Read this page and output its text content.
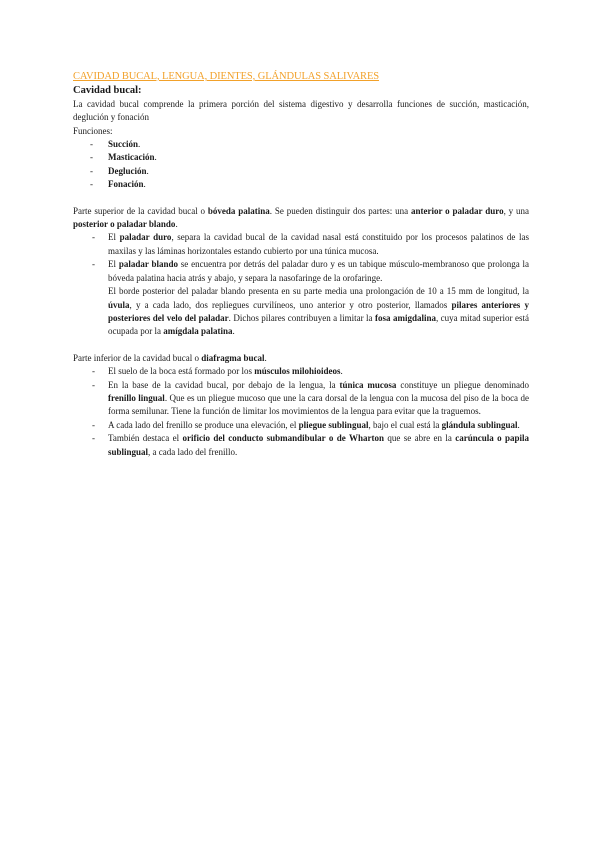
CAVIDAD BUCAL, LENGUA, DIENTES, GLÁNDULAS SALIVARES
Cavidad bucal:

La cavidad bucal comprende la primera porción del sistema digestivo y desarrolla funciones de succión, masticación, deglución y fonación

Funciones:

- Succión.
- Masticación.
- Deglución.
- Fonación.

Parte superior de la cavidad bucal o bóveda palatina. Se pueden distinguir dos partes: una anterior o paladar duro, y una posterior o paladar blando.

- El paladar duro, separa la cavidad bucal de la cavidad nasal está constituido por los procesos palatinos de las maxilas y las láminas horizontales estando cubierto por una túnica mucosa.
- El paladar blando se encuentra por detrás del paladar duro y es un tabique músculo-membranoso que prolonga la bóveda palatina hacia atrás y abajo, y separa la nasofaringe de la orofaringe.

El borde posterior del paladar blando presenta en su parte media una prolongación de 10 a 15 mm de longitud, la úvula, y a cada lado, dos repliegues curvilíneos, uno anterior y otro posterior, llamados pilares anteriores y posteriores del velo del paladar. Dichos pilares contribuyen a limitar la fosa amigdalina, cuya mitad superior está ocupada por la amígdala palatina.

Parte inferior de la cavidad bucal o diafragma bucal.

- El suelo de la boca está formado por los músculos milohioideos.
- En la base de la cavidad bucal, por debajo de la lengua, la túnica mucosa constituye un pliegue denominado frenillo lingual. Que es un pliegue mucoso que une la cara dorsal de la lengua con la mucosa del piso de la boca de forma semilunar. Tiene la función de limitar los movimientos de la lengua para evitar que la traguemos.
- A cada lado del frenillo se produce una elevación, el pliegue sublingual, bajo el cual está la glándula sublingual.
- También destaca el orificio del conducto submandibular o de Wharton que se abre en la carúncula o papila sublingual, a cada lado del frenillo.
